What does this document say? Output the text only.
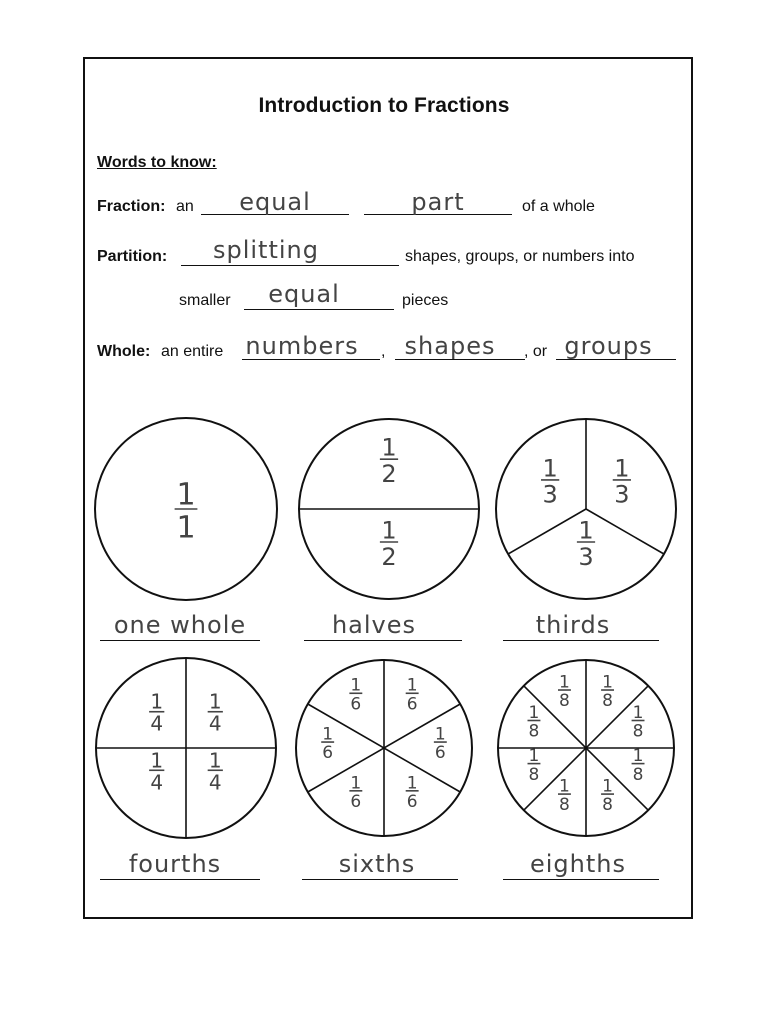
Introduction to Fractions
Words to know:
Fraction: an	equal	part	of a whole
Partition:	splitting	shapes, groups, or numbers into
smaller	equal	pieces
Whole: an entire numbers , shapes	, or groups
1
1	1
2
1
2	1
3
1
3
1
3
1
4
1
4
1
4
1
4
1
6
1
6
1
6
1
6
1
6
1
6
1
8
1
8
1
8
1
8
1
8
1
8
1
8
1
8
one whole	halves	thirds
fourths	sixths	eighths
